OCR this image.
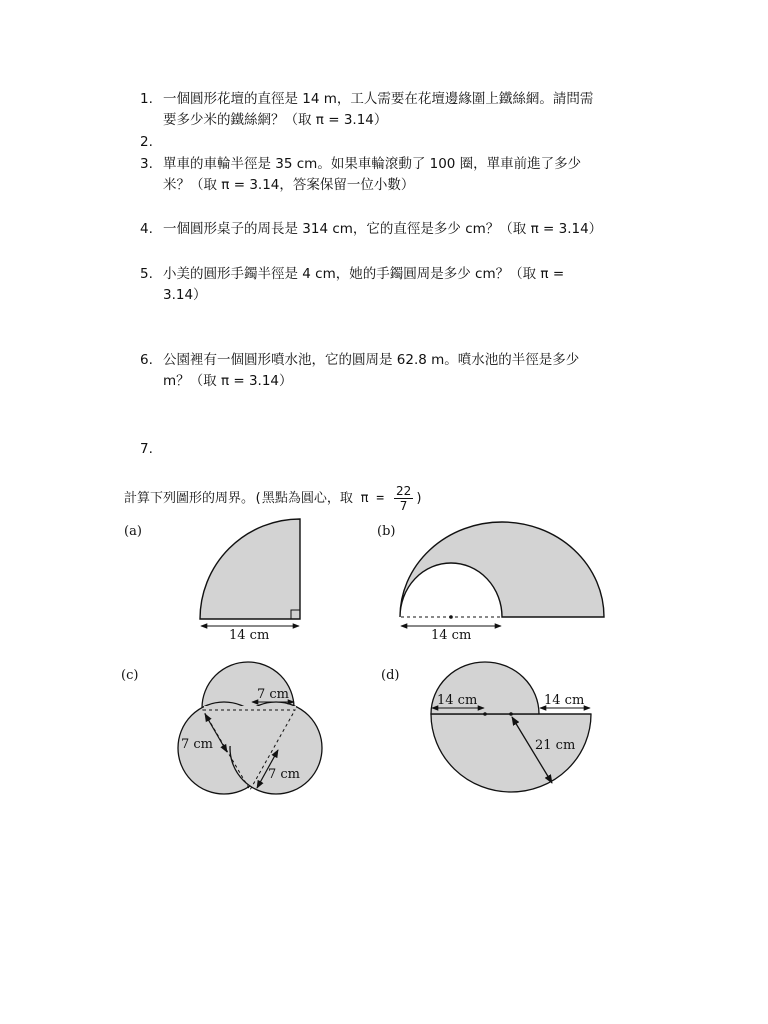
1. 一個圓形花壇的直徑是 14 m，工人需要在花壇邊緣圍上鐵絲網。請問需
要多少米的鐵絲網？（取 π = 3.14）
2.
3. 單車的車輪半徑是 35 cm。如果車輪滾動了 100 圈，單車前進了多少
米？（取 π = 3.14，答案保留一位小數）
4. 一個圓形桌子的周長是 314 cm，它的直徑是多少 cm？（取 π = 3.14）
5. 小美的圓形手鐲半徑是 4 cm，她的手鐲圓周是多少 cm？（取 π =
3.14）
6. 公園裡有一個圓形噴水池，它的圓周是 62.8 m。噴水池的半徑是多少
m？（取 π = 3.14）
7.
計算下列圖形的周界。(黑點為圓心，取 $\pi = \frac{22}{7}$ )
(a)	(b)
(c)	(d)
14 cm	14 cm
7 cm
7 cm
7 cm
14 cm	14 cm
21 cm
